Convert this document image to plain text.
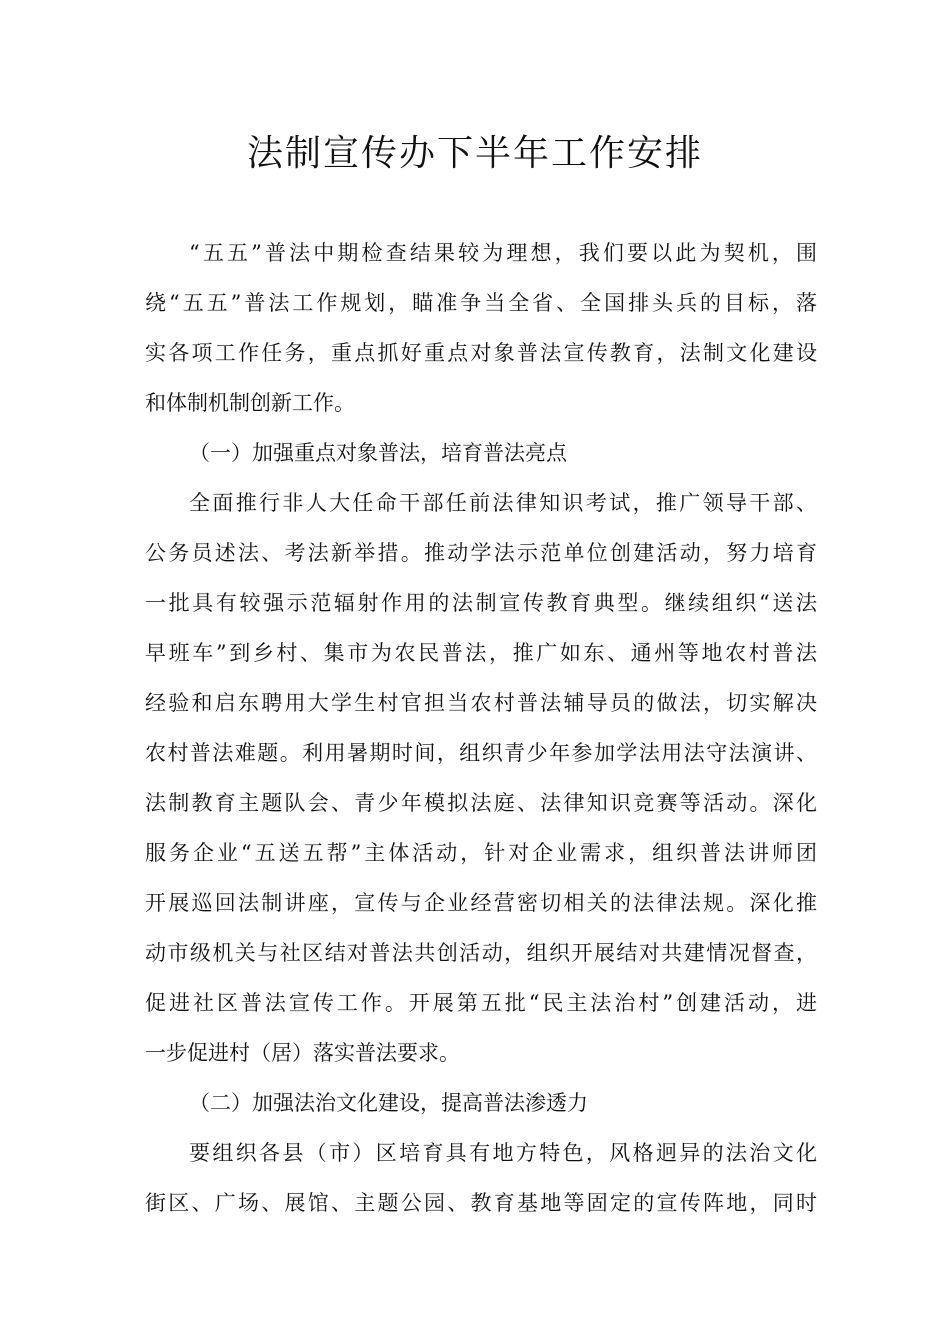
法制宣传办下半年工作安排
“五五”普法中期检查结果较为理想，我们要以此为契机，围
绕“五五”普法工作规划，瞄准争当全省、全国排头兵的目标，落
实各项工作任务，重点抓好重点对象普法宣传教育，法制文化建设
和体制机制创新工作。
（一）加强重点对象普法，培育普法亮点
全面推行非人大任命干部任前法律知识考试，推广领导干部、
公务员述法、考法新举措。推动学法示范单位创建活动，努力培育
一批具有较强示范辐射作用的法制宣传教育典型。继续组织“送法
早班车”到乡村、集市为农民普法，推广如东、通州等地农村普法
经验和启东聘用大学生村官担当农村普法辅导员的做法，切实解决
农村普法难题。利用暑期时间，组织青少年参加学法用法守法演讲、
法制教育主题队会、青少年模拟法庭、法律知识竞赛等活动。深化
服务企业“五送五帮”主体活动，针对企业需求，组织普法讲师团
开展巡回法制讲座，宣传与企业经营密切相关的法律法规。深化推
动市级机关与社区结对普法共创活动，组织开展结对共建情况督查，
促进社区普法宣传工作。开展第五批“民主法治村”创建活动，进
一步促进村（居）落实普法要求。
（二）加强法治文化建设，提高普法渗透力
要组织各县（市）区培育具有地方特色，风格迥异的法治文化
街区、广场、展馆、主题公园、教育基地等固定的宣传阵地，同时
